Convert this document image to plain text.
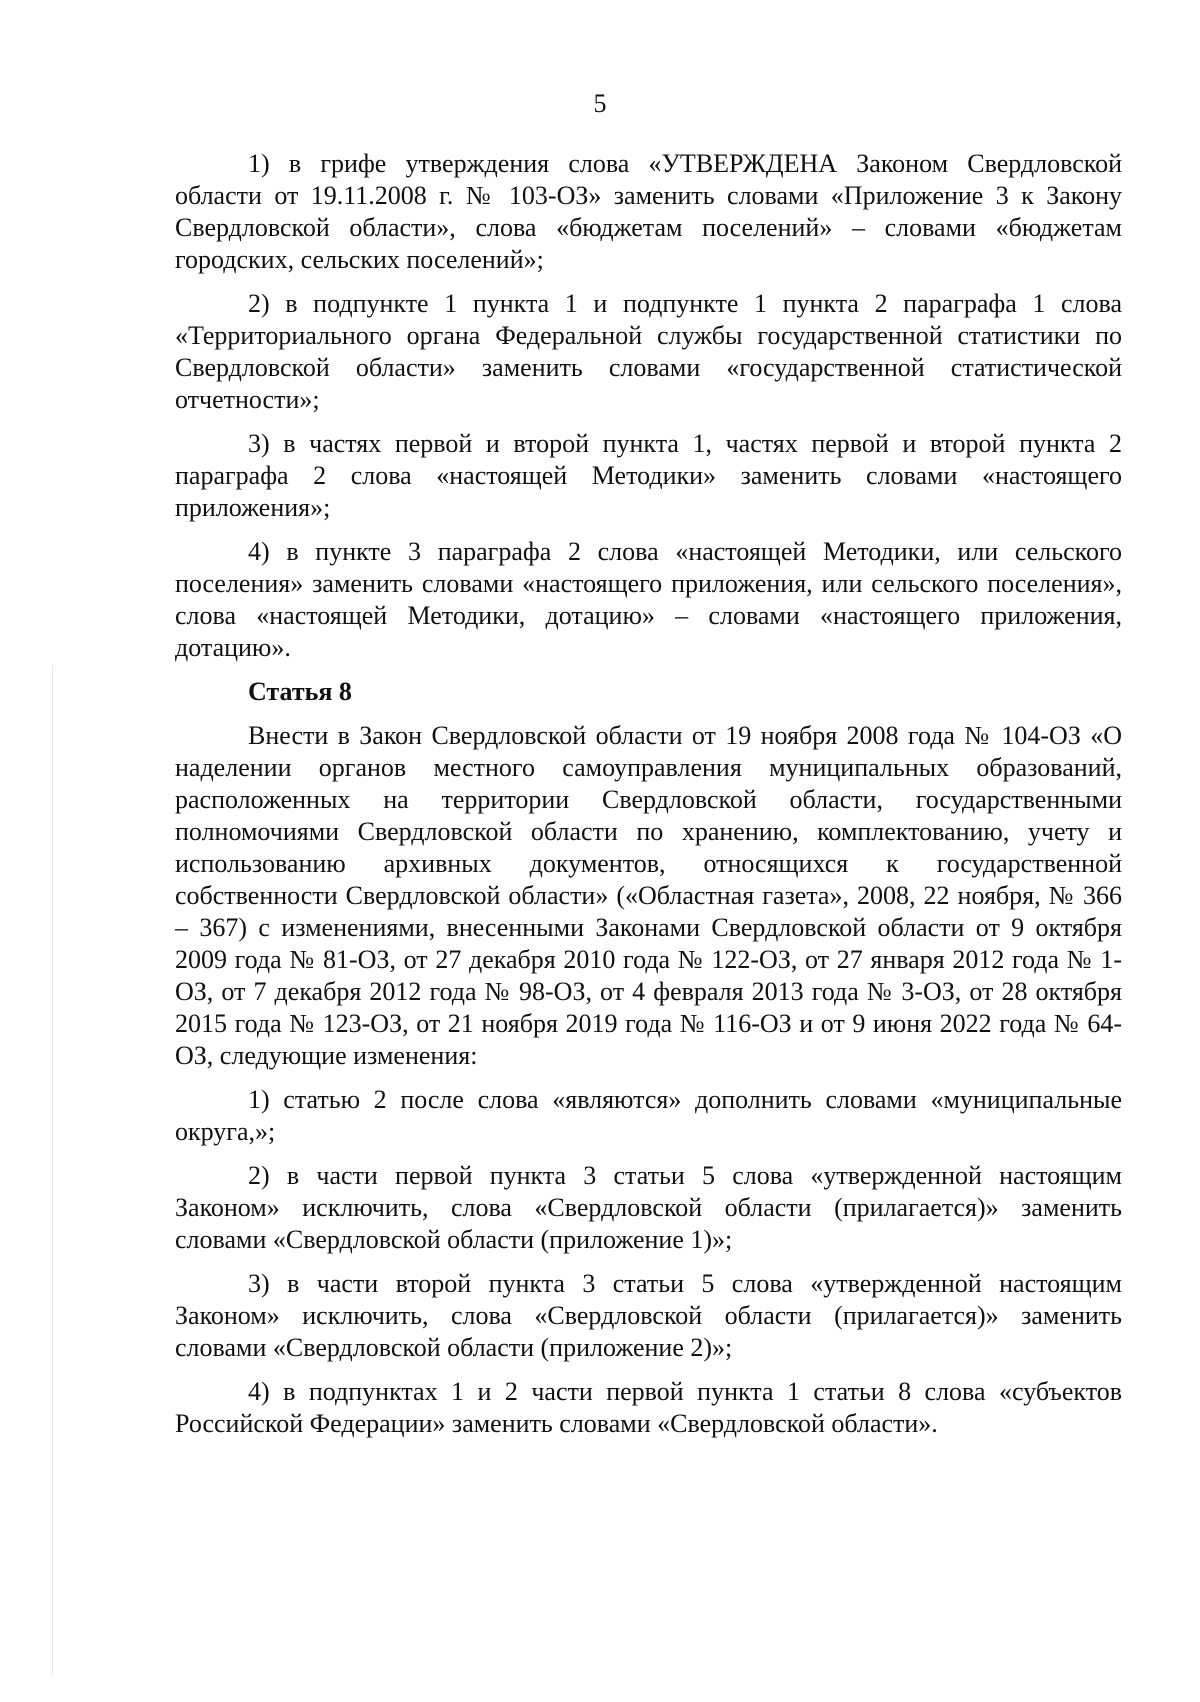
5

1) в грифе утверждения слова «УТВЕРЖДЕНА Законом Свердловской области от 19.11.2008 г. № 103-ОЗ» заменить словами «Приложение 3 к Закону Свердловской области», слова «бюджетам поселений» – словами «бюджетам городских, сельских поселений»;

2) в подпункте 1 пункта 1 и подпункте 1 пункта 2 параграфа 1 слова «Территориального органа Федеральной службы государственной статистики по Свердловской области» заменить словами «государственной статистической отчетности»;

3) в частях первой и второй пункта 1, частях первой и второй пункта 2 параграфа 2 слова «настоящей Методики» заменить словами «настоящего приложения»;

4) в пункте 3 параграфа 2 слова «настоящей Методики, или сельского поселения» заменить словами «настоящего приложения, или сельского поселения», слова «настоящей Методики, дотацию» – словами «настоящего приложения, дотацию».

Статья 8

Внести в Закон Свердловской области от 19 ноября 2008 года № 104-ОЗ «О наделении органов местного самоуправления муниципальных образований, расположенных на территории Свердловской области, государственными полномочиями Свердловской области по хранению, комплектованию, учету и использованию архивных документов, относящихся к государственной собственности Свердловской области» («Областная газета», 2008, 22 ноября, № 366 – 367) с изменениями, внесенными Законами Свердловской области от 9 октября 2009 года № 81-ОЗ, от 27 декабря 2010 года № 122-ОЗ, от 27 января 2012 года № 1-ОЗ, от 7 декабря 2012 года № 98-ОЗ, от 4 февраля 2013 года № 3-ОЗ, от 28 октября 2015 года № 123-ОЗ, от 21 ноября 2019 года № 116-ОЗ и от 9 июня 2022 года № 64-ОЗ, следующие изменения:

1) статью 2 после слова «являются» дополнить словами «муниципальные округа,»;

2) в части первой пункта 3 статьи 5 слова «утвержденной настоящим Законом» исключить, слова «Свердловской области (прилагается)» заменить словами «Свердловской области (приложение 1)»;

3) в части второй пункта 3 статьи 5 слова «утвержденной настоящим Законом» исключить, слова «Свердловской области (прилагается)» заменить словами «Свердловской области (приложение 2)»;

4) в подпунктах 1 и 2 части первой пункта 1 статьи 8 слова «субъектов Российской Федерации» заменить словами «Свердловской области».
